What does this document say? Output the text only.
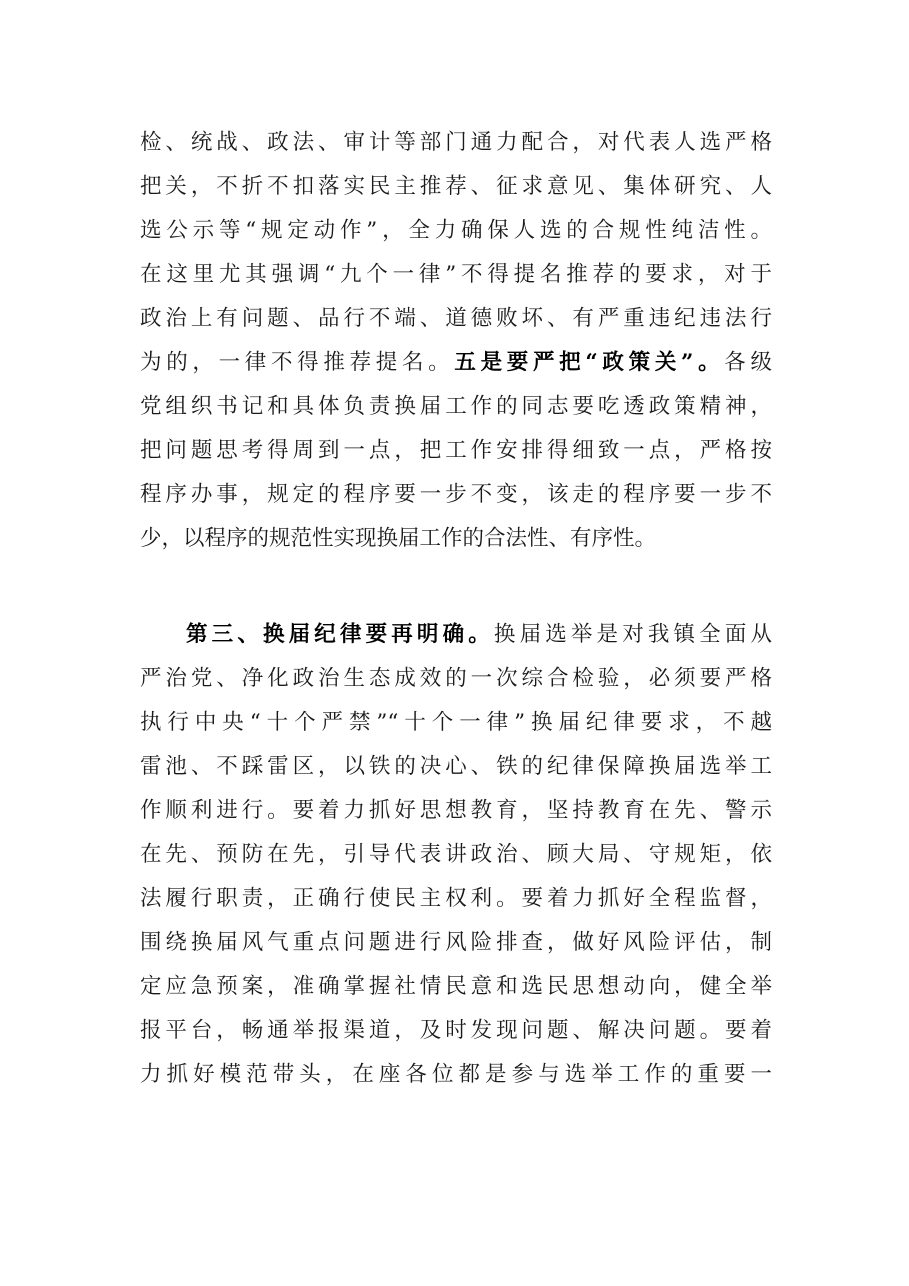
检、统战、政法、审计等部门通力配合，对代表人选严格
把关，不折不扣落实民主推荐、征求意见、集体研究、人
选公示等“规定动作”，全力确保人选的合规性纯洁性。
在这里尤其强调“九个一律”不得提名推荐的要求，对于
政治上有问题、品行不端、道德败坏、有严重违纪违法行
为的，一律不得推荐提名。五是要严把“政策关”。各级
党组织书记和具体负责换届工作的同志要吃透政策精神，
把问题思考得周到一点，把工作安排得细致一点，严格按
程序办事，规定的程序要一步不变，该走的程序要一步不
少，以程序的规范性实现换届工作的合法性、有序性。
第三、换届纪律要再明确。换届选举是对我镇全面从
严治党、净化政治生态成效的一次综合检验，必须要严格
执行中央“十个严禁”“十个一律”换届纪律要求，不越
雷池、不踩雷区，以铁的决心、铁的纪律保障换届选举工
作顺利进行。要着力抓好思想教育，坚持教育在先、警示
在先、预防在先，引导代表讲政治、顾大局、守规矩，依
法履行职责，正确行使民主权利。要着力抓好全程监督，
围绕换届风气重点问题进行风险排查，做好风险评估，制
定应急预案，准确掌握社情民意和选民思想动向，健全举
报平台，畅通举报渠道，及时发现问题、解决问题。要着
力抓好模范带头，在座各位都是参与选举工作的重要一
